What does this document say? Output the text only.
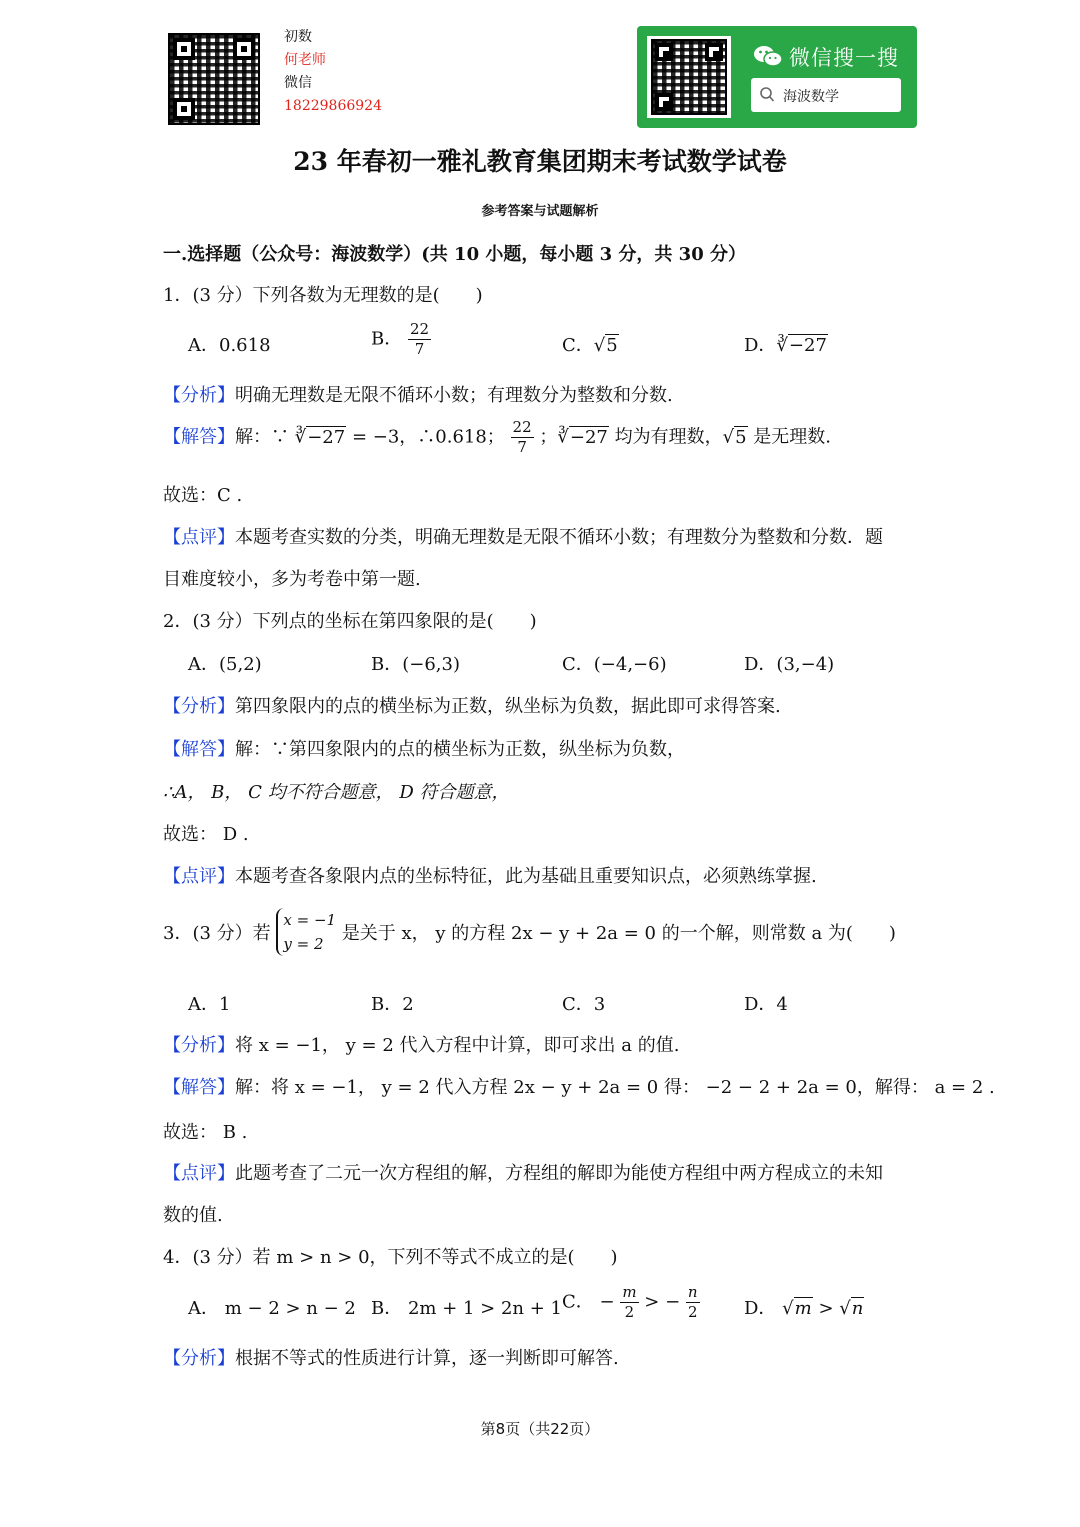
初数
何老师
微信
18229866924
微信搜一搜
海波数学
23 年春初一雅礼教育集团期末考试数学试卷
参考答案与试题解析
一.选择题（公众号：海波数学）(共 10 小题，每小题 3 分，共 30 分）
1．(3 分）下列各数为无理数的是(　　)
A．0.618	B． $\frac{22}{7}$	C．√5	D．∛−27
【分析】明确无理数是无限不循环小数；有理数分为整数和分数.
【解答】解：∵ ∛−27 = −3，∴0.618； $\frac{22}{7}$ ；∛−27 均为有理数，√5 是无理数.
故选：C .
【点评】本题考查实数的分类，明确无理数是无限不循环小数；有理数分为整数和分数．题
目难度较小，多为考卷中第一题.
2．(3 分）下列点的坐标在第四象限的是(　　)
A．(5,2)	B．(−6,3)	C．(−4,−6)	D．(3,−4)
【分析】第四象限内的点的横坐标为正数，纵坐标为负数，据此即可求得答案.
【解答】解：∵第四象限内的点的横坐标为正数，纵坐标为负数，
∴A， B， C 均不符合题意， D 符合题意，
故选： D .
【点评】本题考查各象限内点的坐标特征，此为基础且重要知识点，必须熟练掌握.
3．(3 分）若
x = −1
y = 2	是关于 x， y 的方程 2x − y + 2a = 0 的一个解，则常数 a 为(　　)
A．1	B．2	C．3	D．4
【分析】将 x = −1， y = 2 代入方程中计算，即可求出 a 的值.
【解答】解：将 x = −1， y = 2 代入方程 2x − y + 2a = 0 得： −2 − 2 + 2a = 0，解得： a = 2 .
故选： B .
【点评】此题考查了二元一次方程组的解，方程组的解即为能使方程组中两方程成立的未知
数的值.
4．(3 分）若 m > n > 0，下列不等式不成立的是(　　)
A． m − 2 > n − 2 B． 2m + 1 > 2n + 1 C． − $\frac{m}{2}$ > − $\frac{n}{2}$ D． √m > √n
【分析】根据不等式的性质进行计算，逐一判断即可解答.
第8页（共22页）
